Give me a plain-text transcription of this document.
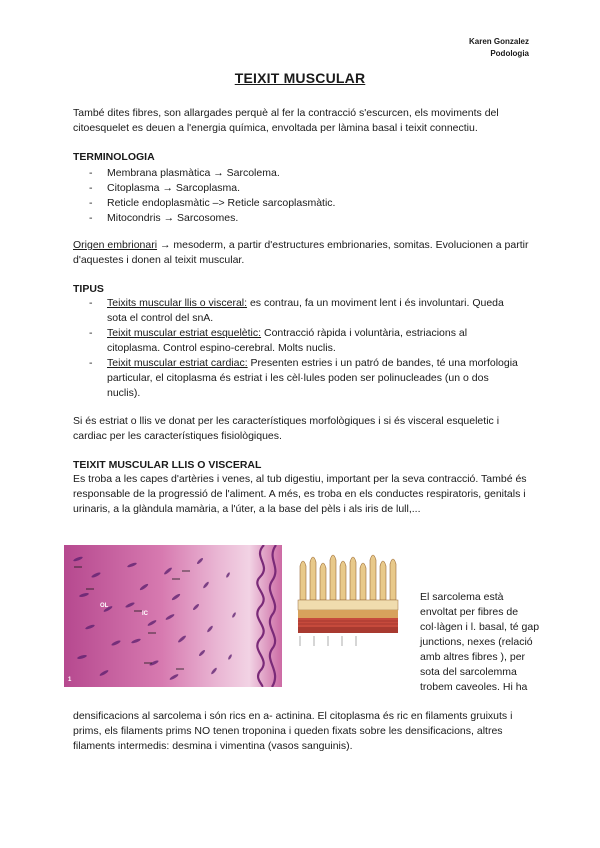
Karen Gonzalez
Podologia
TEIXIT MUSCULAR
També dites fibres, son allargades perquè al fer la contracció s'escurcen, els moviments del citoesquelet es deuen a l'energia química, envoltada per làmina basal i teixit connectiu.
TERMINOLOGIA
- Membrana plasmàtica → Sarcolema.
- Citoplasma → Sarcoplasma.
- Reticle endoplasmàtic –> Reticle sarcoplasmàtic.
- Mitocondris → Sarcosomes.
Origen embrionari → mesoderm, a partir d'estructures embrionaries, somitas. Evolucionen a partir d'aquestes i donen al teixit muscular.
TIPUS
- Teixits muscular llis o visceral: es contrau, fa un moviment lent i és involuntari. Queda sota el control del snA.
- Teixit muscular estriat esquelètic: Contracció ràpida i voluntària, estriacions al citoplasma. Control espino-cerebral. Molts nuclis.
- Teixit muscular estriat cardiac: Presenten estries i un patró de bandes, té una morfologia particular, el citoplasma és estriat i les cèl·lules poden ser polinucleades (un o dos nuclis).
Si és estriat o llis ve donat per les característiques morfològiques i si és visceral esqueletic i cardiac per les característiques fisiològiques.
TEIXIT MUSCULAR LLIS O VISCERAL
Es troba a les capes d'artèries i venes, al tub digestiu, important per la seva contracció. També és responsable de la progressió de l'aliment. A més, es troba en els conductes respiratoris, genitals i urinaris, a la glàndula mamària, a l'úter, a la base del pèls i als iris de lull,...
OL
IC
1
El sarcolema està envoltat per fibres de col·làgen i l. basal, té gap junctions, nexes (relació amb altres fibres ), per sota del sarcolemma trobem caveoles. Hi ha
densificacions al sarcolema i són rics en a- actinina. El citoplasma és ric en filaments gruixuts i prims, els filaments prims NO tenen troponina i queden fixats sobre les densificacions, altres filaments intermedis: desmina i vimentina (vasos sanguinis).
